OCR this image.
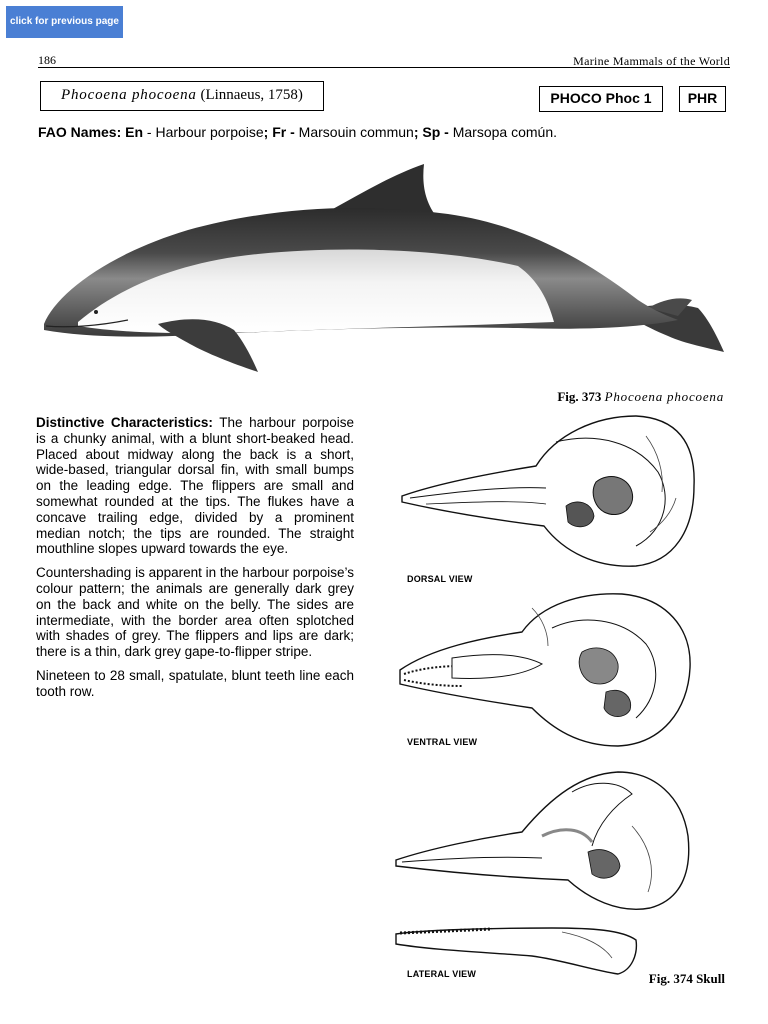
click for previous page
186	Marine Mammals of the World
Phocoena phocoena (Linnaeus, 1758)	PHOCO Phoc 1	PHR
FAO Names: En - Harbour porpoise; Fr - Marsouin commun; Sp - Marsopa común.
Fig. 373 Phocoena phocoena

Distinctive Characteristics: The harbour porpoise is a chunky animal, with a blunt short-beaked head. Placed about midway along the back is a short, wide-based, triangular dorsal fin, with small bumps on the leading edge. The flippers are small and somewhat rounded at the tips. The flukes have a concave trailing edge, divided by a prominent median notch; the tips are rounded. The straight mouthline slopes upward towards the eye.

Countershading is apparent in the harbour porpoise’s colour pattern; the animals are generally dark grey on the back and white on the belly. The sides are intermediate, with the border area often splotched with shades of grey. The flippers and lips are dark; there is a thin, dark grey gape-to-flipper stripe.

Nineteen to 28 small, spatulate, blunt teeth line each tooth row.

DORSAL VIEW
VENTRAL VIEW
LATERAL VIEW	Fig. 374 Skull
